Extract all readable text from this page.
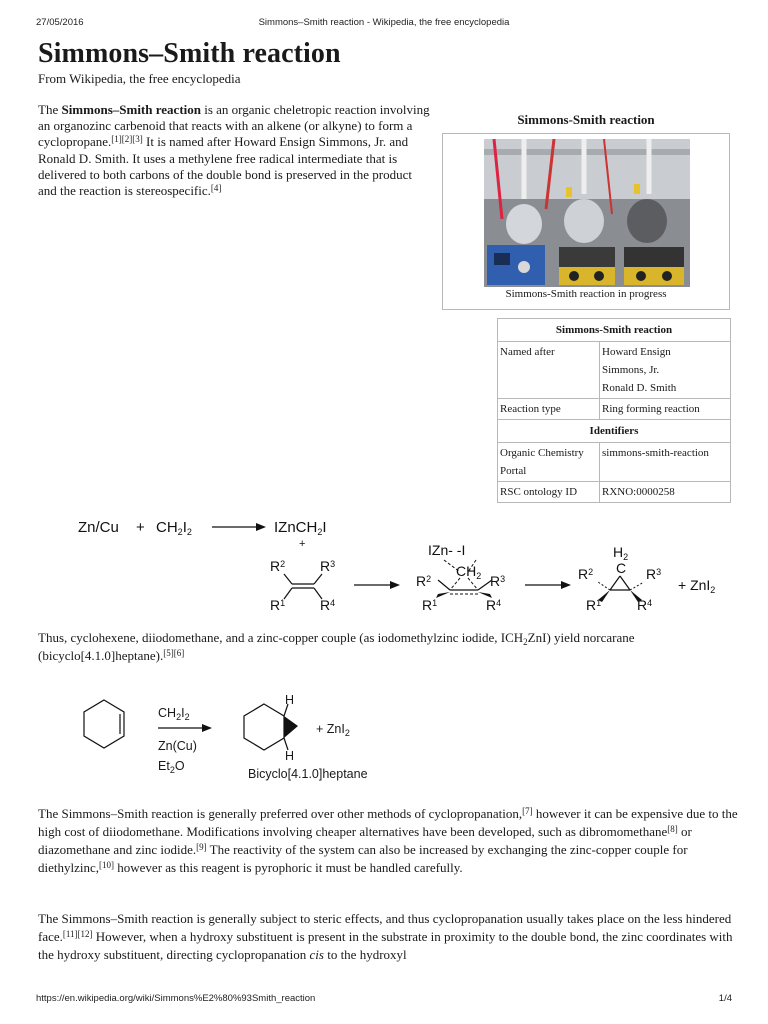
27/05/2016	Simmons–Smith reaction - Wikipedia, the free encyclopedia
Simmons–Smith reaction
From Wikipedia, the free encyclopedia

The Simmons–Smith reaction is an organic cheletropic reaction involving an organozinc carbenoid that reacts with an alkene (or alkyne) to form a cyclopropane.[1][2][3] It is named after Howard Ensign Simmons, Jr. and Ronald D. Smith. It uses a methylene free radical intermediate that is delivered to both carbons of the double bond is preserved in the product and the reaction is stereospecific.[4]

Simmons-Smith reaction
Simmons-Smith reaction in progress
Simmons-Smith reaction	
Named after	Howard Ensign
Simmons, Jr.
Ronald D. Smith

Reaction type	Ring forming reaction
Identifiers	
Organic Chemistry Portal	simmons-smith-reaction
RSC ontology ID	RXNO:0000258
$Zn/Cu + CH_2I_2$ → IZnCH$_2$I
+
$R^2$ $R^3$
$R^1$ $R^4$
IZn- -I
$CH_2$
$R^2$	$R^3$
$R^1$	$R^4$
$H_2$
C
$R^2$	$R^3$
$R^1$	$R^4$
+ ZnI$_2$

Thus, cyclohexene, diiodomethane, and a zinc-copper couple (as iodomethylzinc iodide, $ICH_2ZnI$) yield norcarane (bicyclo[4.1.0]heptane).[5][6]

$CH_2I_2$
Zn(Cu)
$Et_2O$
H
H
+ ZnI$_2$
Bicyclo[4.1.0]heptane

The Simmons–Smith reaction is generally preferred over other methods of cyclopropanation,[7] however it can be expensive due to the high cost of diiodomethane. Modifications involving cheaper alternatives have been developed, such as dibromomethane[8] or diazomethane and zinc iodide.[9] The reactivity of the system can also be increased by exchanging the zinc-copper couple for diethylzinc,[10] however as this reagent is pyrophoric it must be handled carefully.

The Simmons–Smith reaction is generally subject to steric effects, and thus cyclopropanation usually takes place on the less hindered face.[11][12] However, when a hydroxy substituent is present in the substrate in proximity to the double bond, the zinc coordinates with the hydroxy substituent, directing cyclopropanation cis to the hydroxyl

https://en.wikipedia.org/wiki/Simmons%E2%80%93Smith_reaction	1/4
